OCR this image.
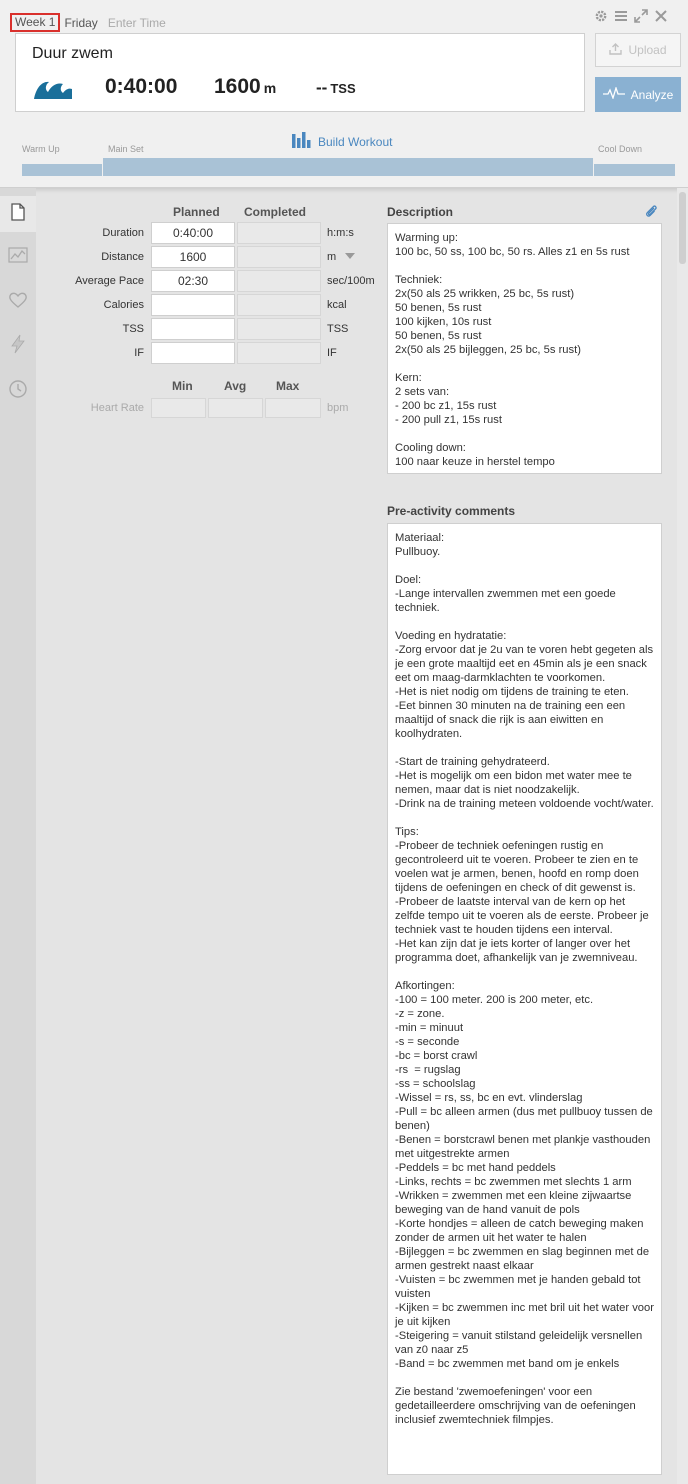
Week 1 Friday Enter Time
Duur zwem
0:40:00 1600 m -- TSS
Upload
Analyze
Build Workout
Warm Up	Main Set	Cool Down
Planned Completed
Duration	0:40:00	h:m:s
Distance	1600	m
Average Pace	02:30	sec/100m
Calories	kcal
TSS	TSS
IF	IF
Min	Avg Max
Heart Rate	bpm
Description
Warming up:
100 bc, 50 ss, 100 bc, 50 rs. Alles z1 en 5s rust

Techniek:
2x(50 als 25 wrikken, 25 bc, 5s rust)
50 benen, 5s rust
100 kijken, 10s rust
50 benen, 5s rust
2x(50 als 25 bijleggen, 25 bc, 5s rust)

Kern:
2 sets van:
- 200 bc z1, 15s rust
- 200 pull z1, 15s rust

Cooling down:
100 naar keuze in herstel tempo
Pre-activity comments
Materiaal:
Pullbuoy.

Doel:
-Lange intervallen zwemmen met een goede techniek.

Voeding en hydratatie:
-Zorg ervoor dat je 2u van te voren hebt gegeten als je een grote maaltijd eet en 45min als je een snack eet om maag-darmklachten te voorkomen.
-Het is niet nodig om tijdens de training te eten.
-Eet binnen 30 minuten na de training een een maaltijd of snack die rijk is aan eiwitten en koolhydraten.

-Start de training gehydrateerd.
-Het is mogelijk om een bidon met water mee te nemen, maar dat is niet noodzakelijk.
-Drink na de training meteen voldoende vocht/water.

Tips:
-Probeer de techniek oefeningen rustig en gecontroleerd uit te voeren. Probeer te zien en te voelen wat je armen, benen, hoofd en romp doen tijdens de oefeningen en check of dit gewenst is.
-Probeer de laatste interval van de kern op het zelfde tempo uit te voeren als de eerste. Probeer je techniek vast te houden tijdens een interval.
-Het kan zijn dat je iets korter of langer over het programma doet, afhankelijk van je zwemniveau.

Afkortingen:
-100 = 100 meter. 200 is 200 meter, etc.
-z = zone.
-min = minuut
-s = seconde
-bc = borst crawl
-rs  = rugslag
-ss = schoolslag
-Wissel = rs, ss, bc en evt. vlinderslag
-Pull = bc alleen armen (dus met pullbuoy tussen de benen)
-Benen = borstcrawl benen met plankje vasthouden met uitgestrekte armen
-Peddels = bc met hand peddels
-Links, rechts = bc zwemmen met slechts 1 arm
-Wrikken = zwemmen met een kleine zijwaartse beweging van de hand vanuit de pols
-Korte hondjes = alleen de catch beweging maken zonder de armen uit het water te halen
-Bijleggen = bc zwemmen en slag beginnen met de armen gestrekt naast elkaar
-Vuisten = bc zwemmen met je handen gebald tot vuisten
-Kijken = bc zwemmen inc met bril uit het water voor je uit kijken
-Steigering = vanuit stilstand geleidelijk versnellen van z0 naar z5
-Band = bc zwemmen met band om je enkels

Zie bestand 'zwemoefeningen' voor een gedetailleerdere omschrijving van de oefeningen inclusief zwemtechniek filmpjes.
